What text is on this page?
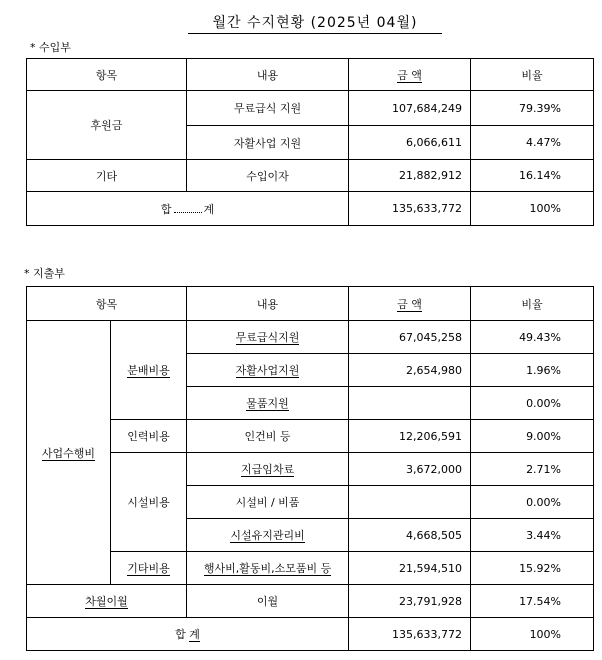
월간 수지현황 (2025년 04월)
* 수입부
항목	내용	금 액	비율
후원금	무료급식 지원	107,684,249	79.39%
	자활사업 지원	6,066,611	4.47%
기타	수입이자	21,882,912	16.14%
합 계		135,633,772	100%
* 지출부
항목		내용	금 액	비율
사업수행비	분배비용	무료급식지원	67,045,258	49.43%
		자활사업지원	2,654,980	1.96%
		물품지원		0.00%
	인력비용	인건비 등	12,206,591	9.00%
	시설비용	지급임차료	3,672,000	2.71%
		시설비 / 비품		0.00%
		시설유지관리비	4,668,505	3.44%
	기타비용	행사비,활동비,소모품비 등	21,594,510	15.92%
차월이월		이월	23,791,928	17.54%
합 계			135,633,772	100%
